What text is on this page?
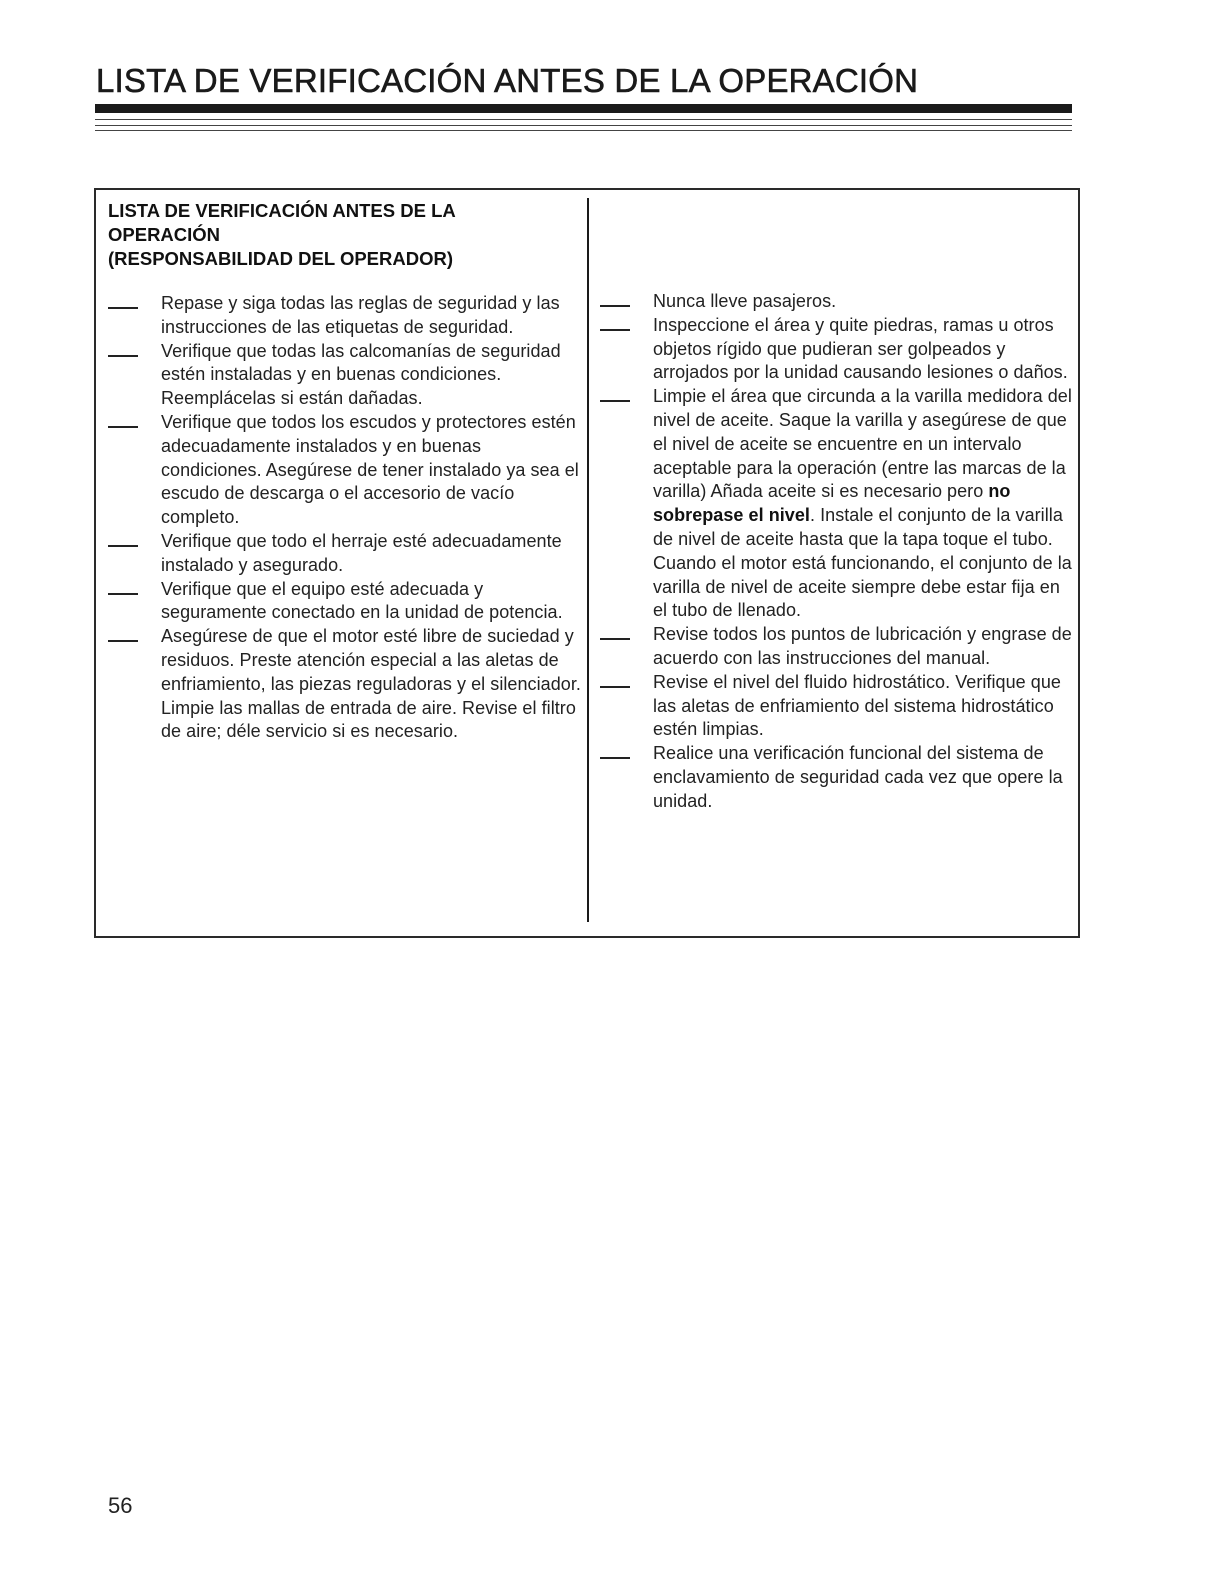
LISTA DE VERIFICACIÓN ANTES DE LA OPERACIÓN
LISTA DE VERIFICACIÓN ANTES DE LA
OPERACIÓN
(RESPONSABILIDAD DEL OPERADOR)
Repase y siga todas las reglas de seguridad y las instrucciones de las etiquetas de seguridad.
Verifique que todas las calcomanías de seguridad estén instaladas y en buenas condiciones. Reemplácelas si están dañadas.
Verifique que todos los escudos y protectores estén adecuadamente instalados y en buenas condiciones. Asegúrese de tener instalado ya sea el escudo de descarga o el accesorio de vacío completo.
Verifique que todo el herraje esté adecuadamente instalado y asegurado.
Verifique que el equipo esté adecuada y seguramente conectado en la unidad de potencia.
Asegúrese de que el motor esté libre de suciedad y residuos. Preste atención especial a las aletas de enfriamiento, las piezas reguladoras y el silenciador. Limpie las mallas de entrada de aire. Revise el filtro de aire; déle servicio si es necesario.
Nunca lleve pasajeros.
Inspeccione el área y quite piedras, ramas u otros objetos rígido que pudieran ser golpeados y arrojados por la unidad causando lesiones o daños.
Limpie el área que circunda a la varilla medidora del nivel de aceite. Saque la varilla y asegúrese de que el nivel de aceite se encuentre en un intervalo aceptable para la operación (entre las marcas de la varilla) Añada aceite si es necesario pero no sobrepase el nivel. Instale el conjunto de la varilla de nivel de aceite hasta que la tapa toque el tubo. Cuando el motor está funcionando, el conjunto de la varilla de nivel de aceite siempre debe estar fija en el tubo de llenado.
Revise todos los puntos de lubricación y engrase de acuerdo con las instrucciones del manual.
Revise el nivel del fluido hidrostático. Verifique que las aletas de enfriamiento del sistema hidrostático estén limpias.
Realice una verificación funcional del sistema de enclavamiento de seguridad cada vez que opere la unidad.
56
